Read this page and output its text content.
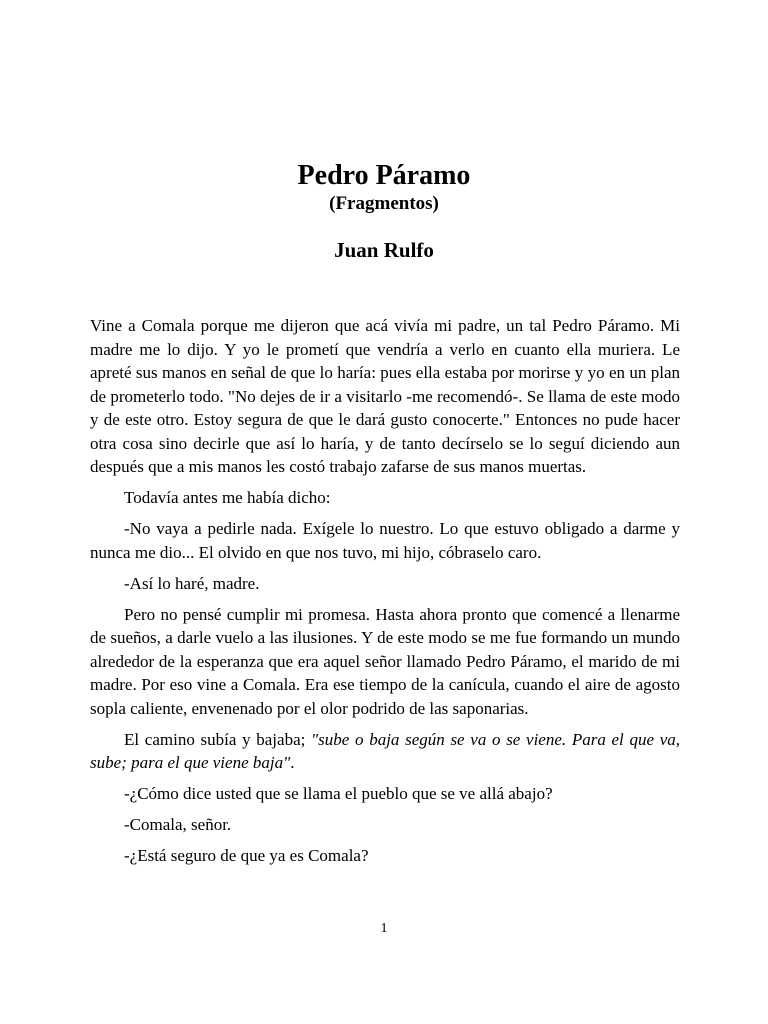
Pedro Páramo
(Fragmentos)
Juan Rulfo

Vine a Comala porque me dijeron que acá vivía mi padre, un tal Pedro Páramo. Mi madre me lo dijo. Y yo le prometí que vendría a verlo en cuanto ella muriera. Le apreté sus manos en señal de que lo haría: pues ella estaba por morirse y yo en un plan de prometerlo todo. "No dejes de ir a visitarlo -me recomendó-. Se llama de este modo y de este otro. Estoy segura de que le dará gusto conocerte." Entonces no pude hacer otra cosa sino decirle que así lo haría, y de tanto decírselo se lo seguí diciendo aun después que a mis manos les costó trabajo zafarse de sus manos muertas.

Todavía antes me había dicho:

-No vaya a pedirle nada. Exígele lo nuestro. Lo que estuvo obligado a darme y nunca me dio... El olvido en que nos tuvo, mi hijo, cóbraselo caro.

-Así lo haré, madre.

Pero no pensé cumplir mi promesa. Hasta ahora pronto que comencé a llenarme de sueños, a darle vuelo a las ilusiones. Y de este modo se me fue formando un mundo alrededor de la esperanza que era aquel señor llamado Pedro Páramo, el marido de mi madre. Por eso vine a Comala. Era ese tiempo de la canícula, cuando el aire de agosto sopla caliente, envenenado por el olor podrido de las saponarias.

El camino subía y bajaba; "sube o baja según se va o se viene. Para el que va, sube; para el que viene baja".

-¿Cómo dice usted que se llama el pueblo que se ve allá abajo?

-Comala, señor.

-¿Está seguro de que ya es Comala?

1
